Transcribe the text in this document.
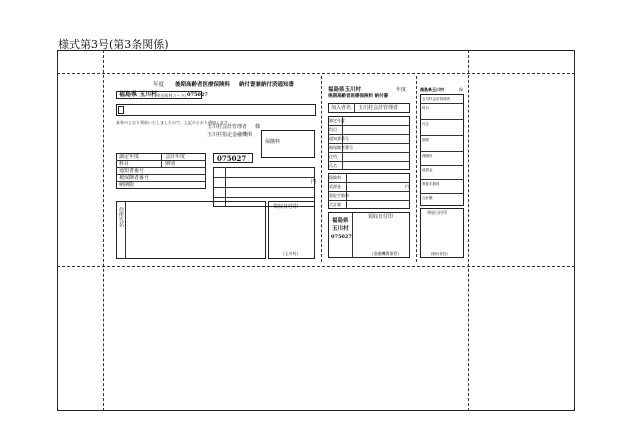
様式第3号(第3条関係)
年度 後期高齢者医療保険料 納付書兼納付済通知書
福島県 玉川村
(市区町村コード) 075027
本券のとおり領収いたしましたので、上記のとおり通知します。
玉川村会計管理者 様
玉川村指定金融機関
保険料
調定年度	会計年度
科目	期別
通知書番号
被保険者番号
納期限
075027
円
住所氏名	領収日付印
(玉川村)
福島県玉川村	年度
後期高齢者医療保険料 納付書
加入者名 玉川村会計管理者
調定年度
科目
通知書番号
被保険者番号
住所
氏名
保険料
延滞金
督促手数料
合計額
円
領収日付印
福島県
玉川村
075027
(金融機関保管)
福島県玉川村	保
玉川村会計管理者
科目
氏名
期別
保険料
延滞金
督促手数料
合計額
領収日付印
(納付者控)
